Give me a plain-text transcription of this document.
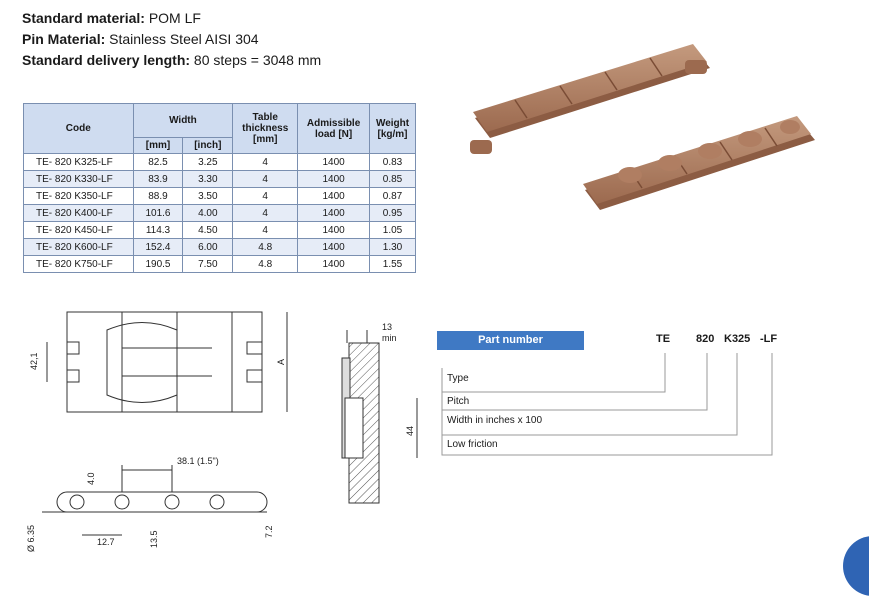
Standard material: POM LF
Pin Material: Stainless Steel AISI 304
Standard delivery length: 80 steps = 3048 mm
Code	Width		Table thickness [mm]	Admissible load [N]	Weight [kg/m]
	[mm]	[inch]			
TE- 820 K325-LF	82.5	3.25	4	1400	0.83
TE- 820 K330-LF	83.9	3.30	4	1400	0.85
TE- 820 K350-LF	88.9	3.50	4	1400	0.87
TE- 820 K400-LF	101.6	4.00	4	1400	0.95
TE- 820 K450-LF	114.3	4.50	4	1400	1.05
TE- 820 K600-LF	152.4	6.00	4.8	1400	1.30
TE- 820 K750-LF	190.5	7.50	4.8	1400	1.55
42,1	A
38.1 (1.5")
4.0
Ø 6.35	12.7	13.5	7.2
13
min
44
Part number	TE 820 K325 -LF
Type
Pitch
Width in inches x 100
Low friction
